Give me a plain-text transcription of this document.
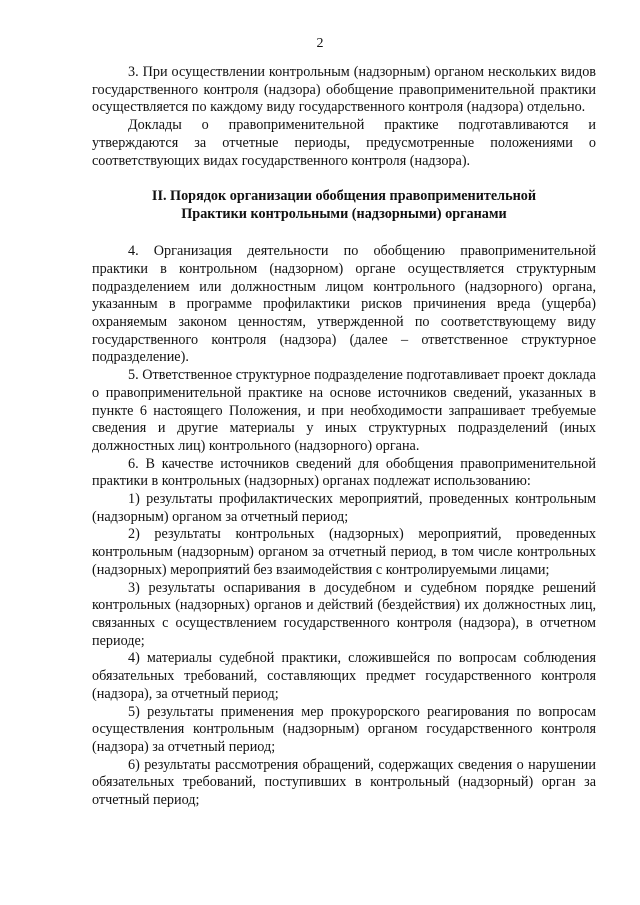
2

3. При осуществлении контрольным (надзорным) органом нескольких видов государственного контроля (надзора) обобщение правоприменительной практики осуществляется по каждому виду государственного контроля (надзора) отдельно.

Доклады о правоприменительной практике подготавливаются и утверждаются за отчетные периоды, предусмотренные положениями о соответствующих видах государственного контроля (надзора).

II. Порядок организации обобщения правоприменительной
Практики контрольными (надзорными) органами

4. Организация деятельности по обобщению правоприменительной практики в контрольном (надзорном) органе осуществляется структурным подразделением или должностным лицом контрольного (надзорного) органа, указанным в программе профилактики рисков причинения вреда (ущерба) охраняемым законом ценностям, утвержденной по соответствующему виду государственного контроля (надзора) (далее – ответственное структурное подразделение).

5. Ответственное структурное подразделение подготавливает проект доклада о правоприменительной практике на основе источников сведений, указанных в пункте 6 настоящего Положения, и при необходимости запрашивает требуемые сведения и другие материалы у иных структурных подразделений (иных должностных лиц) контрольного (надзорного) органа.

6. В качестве источников сведений для обобщения правоприменительной практики в контрольных (надзорных) органах подлежат использованию:

1) результаты профилактических мероприятий, проведенных контрольным (надзорным) органом за отчетный период;

2) результаты контрольных (надзорных) мероприятий, проведенных контрольным (надзорным) органом за отчетный период, в том числе контрольных (надзорных) мероприятий без взаимодействия с контролируемыми лицами;

3) результаты оспаривания в досудебном и судебном порядке решений контрольных (надзорных) органов и действий (бездействия) их должностных лиц, связанных с осуществлением государственного контроля (надзора), в отчетном периоде;

4) материалы судебной практики, сложившейся по вопросам соблюдения обязательных требований, составляющих предмет государственного контроля (надзора), за отчетный период;

5) результаты применения мер прокурорского реагирования по вопросам осуществления контрольным (надзорным) органом государственного контроля (надзора) за отчетный период;

6) результаты рассмотрения обращений, содержащих сведения о нарушении обязательных требований, поступивших в контрольный (надзорный) орган за отчетный период;
